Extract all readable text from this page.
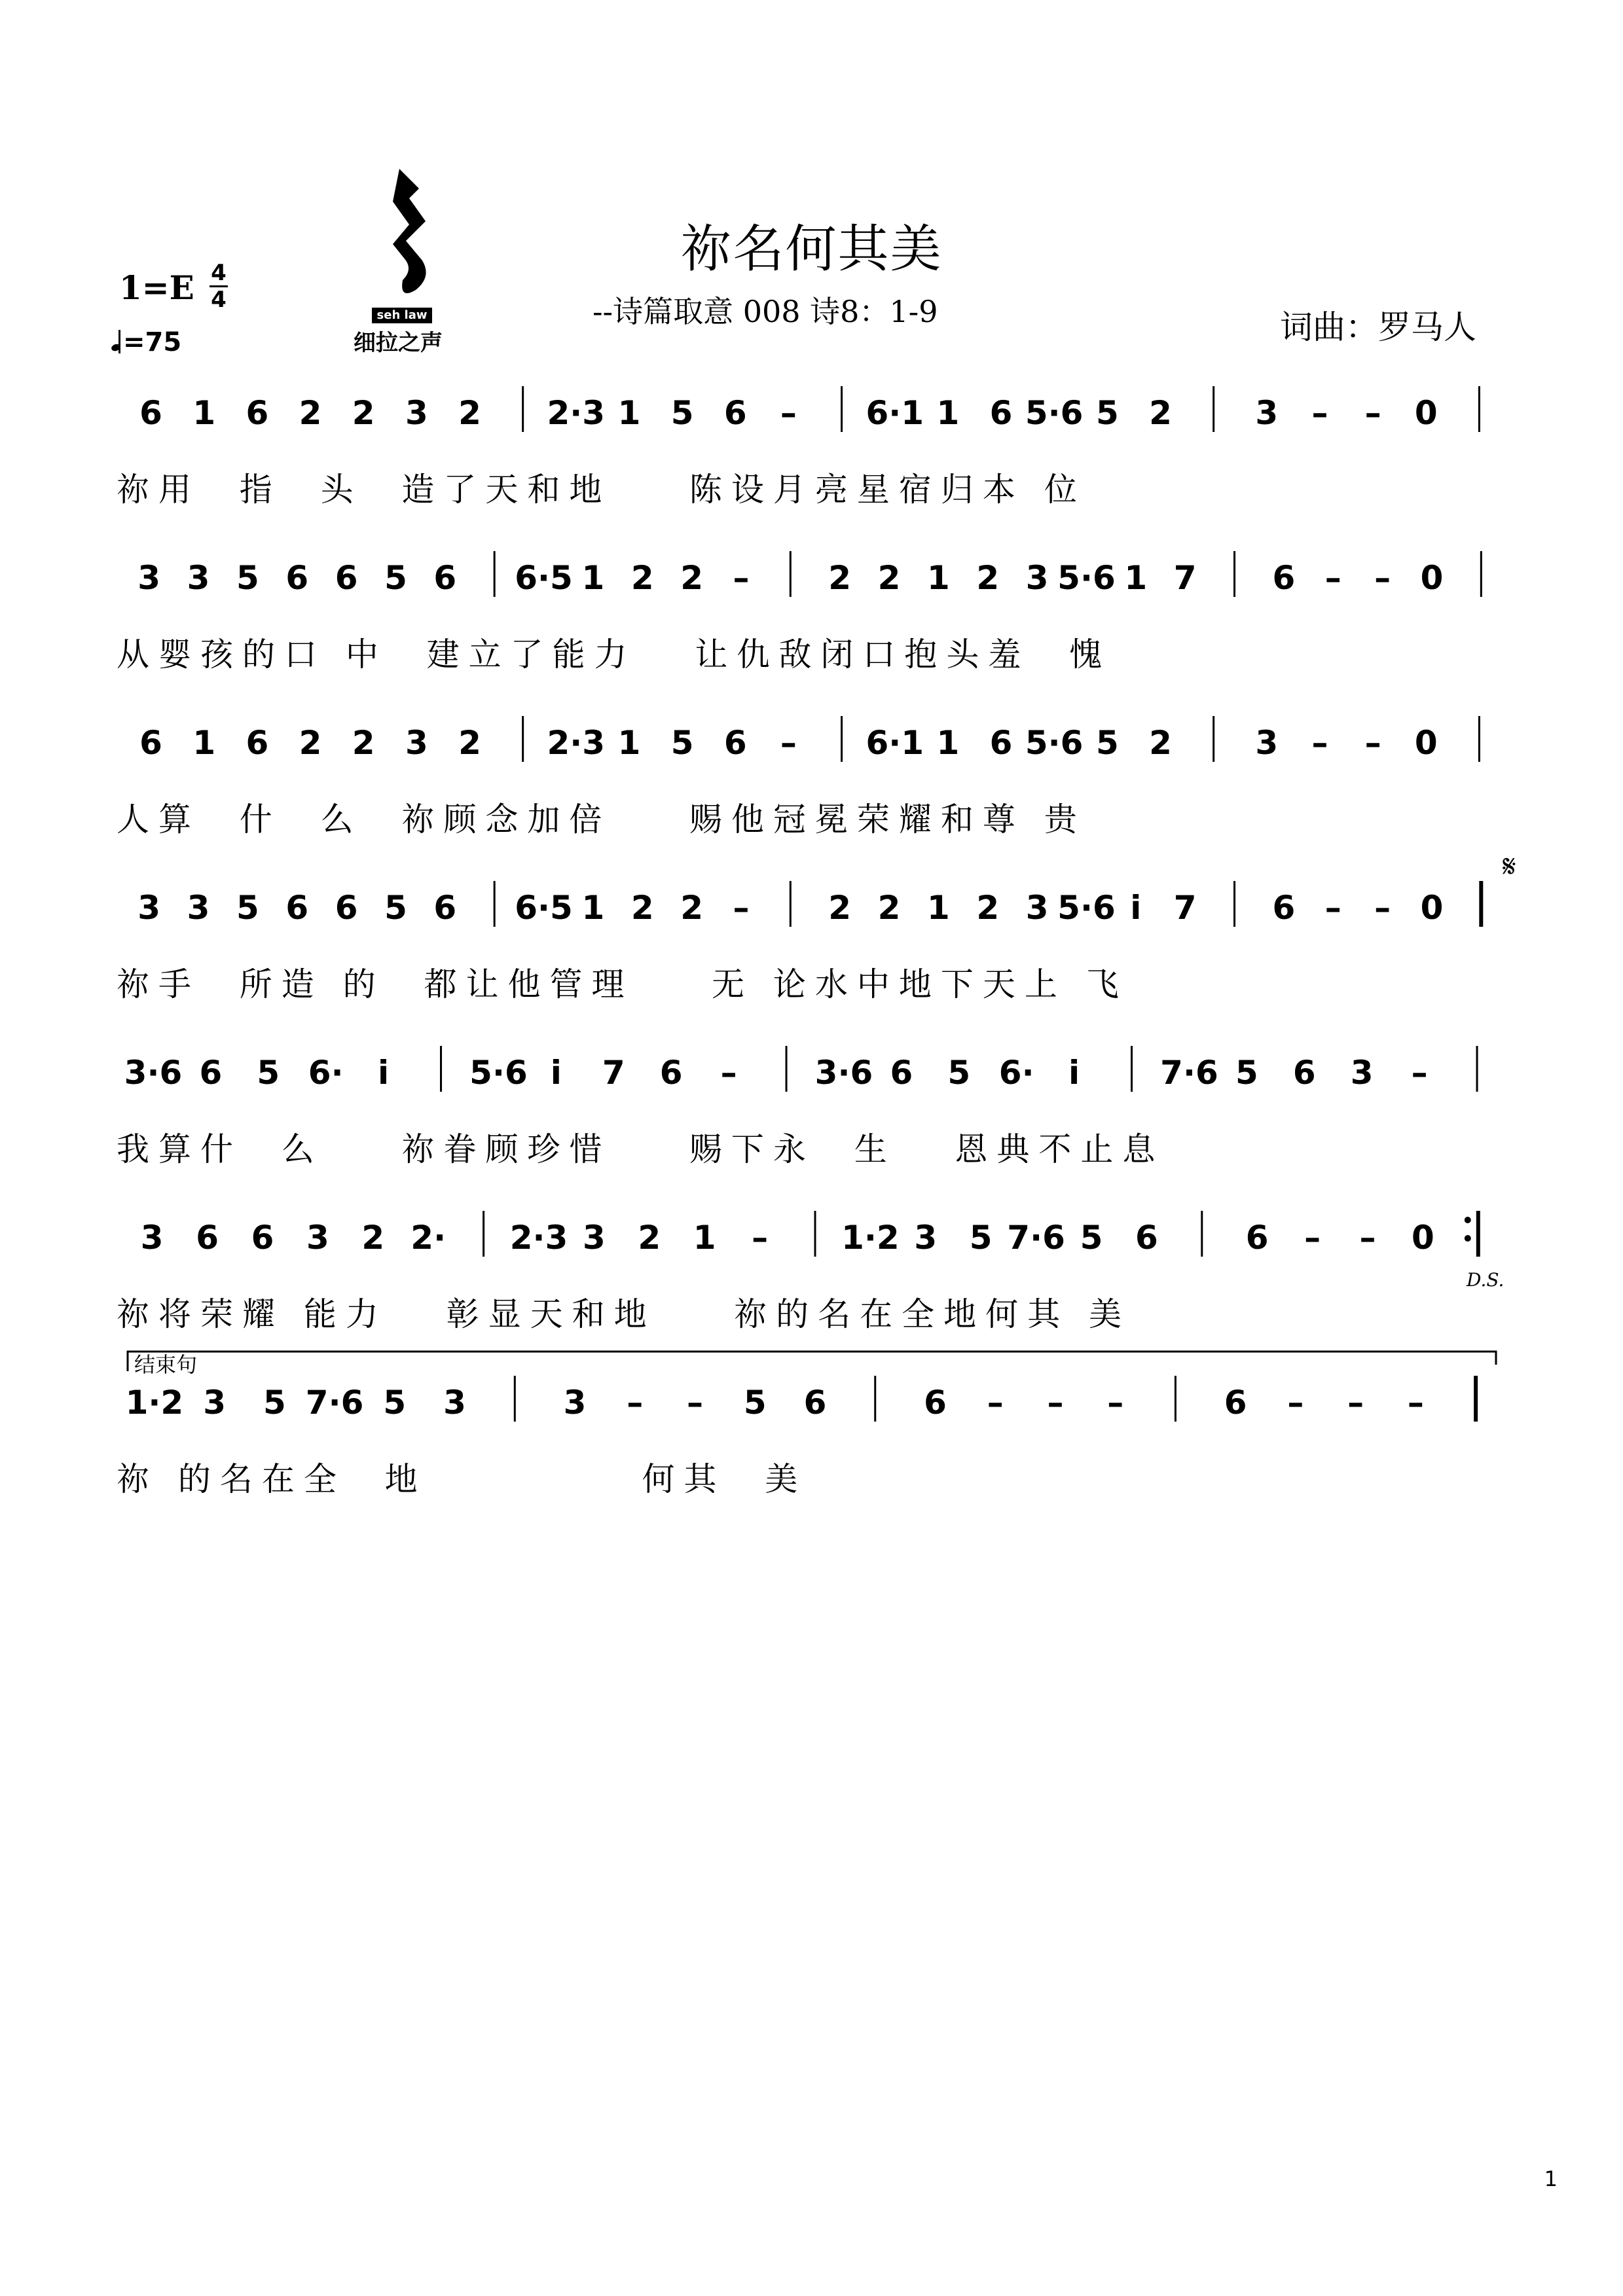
祢名何其美
--诗篇取意 008 诗8：1-9	词曲：罗马人
1=E 4
4
=75
seh law
细拉之声
6 1 6 2 2 3 2 2·3 1 5 6 – 6·1 1 6 5·6 5 2	3 – – 0
3 3 5 6 6 5 6 6·5 1 2 2 – 2 2 1 2 3 5·6 1 7 6 – – 0
6 1 6 2 2 3 2 2·3 1 5 6 – 6·1 1 6 5·6 5 2	3 – – 0
3 3 5 6 6 5 6 6·5 1 2 2 – 2 2 1 2 3 5·6 i 7 6 – – 0
3·6 6 5 6· i 5·6 i 7 6 – 3·6 6 5 6· i 7·6 5 6 3 –
3 6 6 3 2 2· 2·3 3 2 1 – 1·2 3 5 7·6 5 6	6 – – 0
1·2 3 5 7·6 5 3	3 – – 5 6	6 – – –	6 – – –
D.S.
𝄋
结束句
祢用  指  头  造了天和地    陈设月亮星宿归本 位
从婴孩的口 中  建立了能力   让仇敌闭口抱头羞  愧
人算  什  么  祢顾念加倍    赐他冠冕荣耀和尊 贵
祢手  所造 的  都让他管理    无 论水中地下天上 飞
我算什  么    祢眷顾珍惜    赐下永  生   恩典不止息
祢将荣耀 能力   彰显天和地    祢的名在全地何其 美
祢 的名在全  地           何其  美
1
